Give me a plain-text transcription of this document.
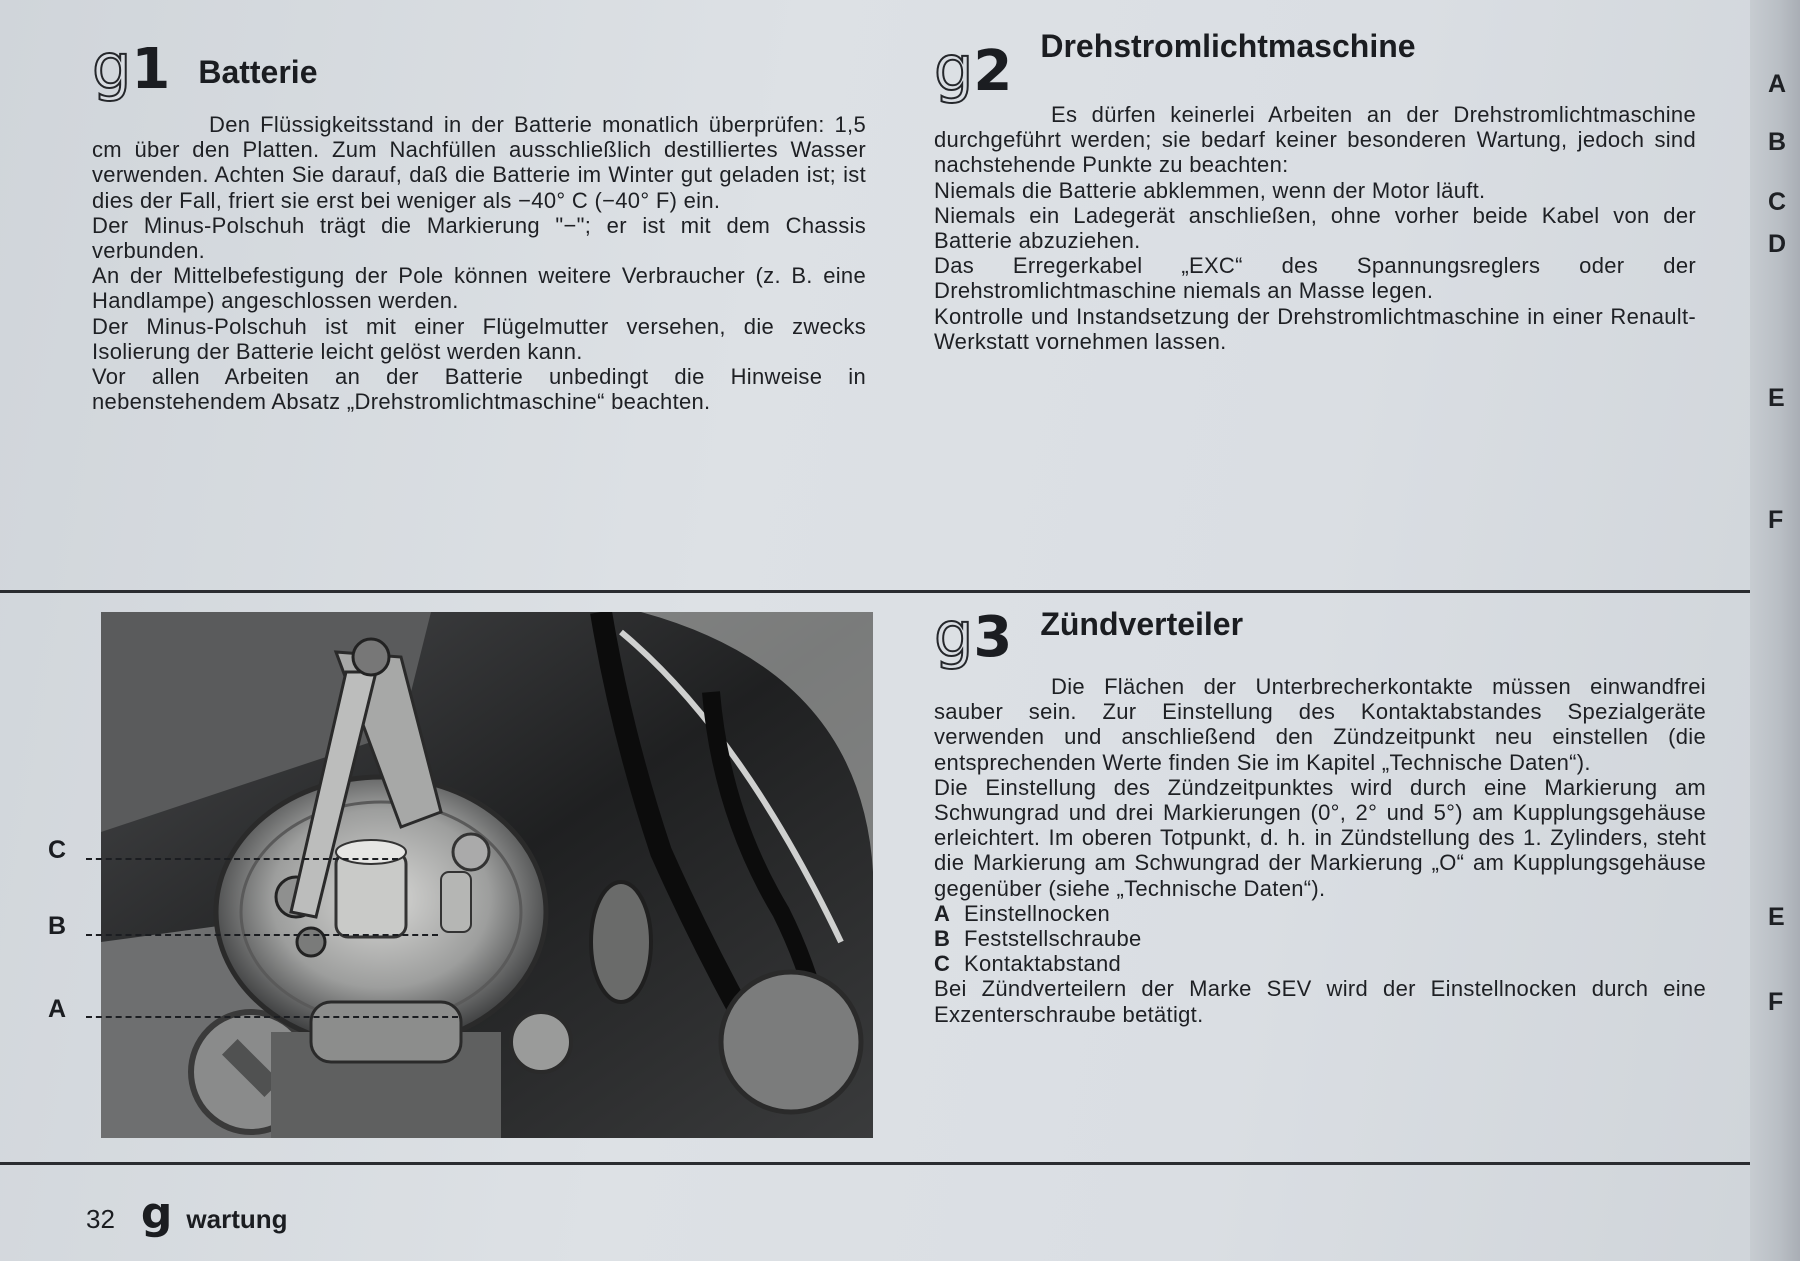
g 1 Batterie

Den Flüssigkeitsstand in der Batterie monatlich überprüfen: 1,5 cm über den Platten. Zum Nachfüllen ausschließlich destilliertes Wasser verwenden. Achten Sie darauf, daß die Batterie im Winter gut geladen ist; ist dies der Fall, friert sie erst bei weniger als −40° C (−40° F) ein.

Der Minus-Polschuh trägt die Markierung "−"; er ist mit dem Chassis verbunden.

An der Mittelbefestigung der Pole können weitere Verbraucher (z. B. eine Handlampe) angeschlossen werden.

Der Minus-Polschuh ist mit einer Flügelmutter versehen, die zwecks Isolierung der Batterie leicht gelöst werden kann.

Vor allen Arbeiten an der Batterie unbedingt die Hinweise in nebenstehendem Absatz „Drehstromlichtmaschine“ beachten.

g 2 Drehstromlichtmaschine

Es dürfen keinerlei Arbeiten an der Drehstromlichtmaschine durchgeführt werden; sie bedarf keiner besonderen Wartung, jedoch sind nachstehende Punkte zu beachten:

Niemals die Batterie abklemmen, wenn der Motor läuft.

Niemals ein Ladegerät anschließen, ohne vorher beide Kabel von der Batterie abzuziehen.

Das Erregerkabel „EXC“ des Spannungsreglers oder der Drehstromlichtmaschine niemals an Masse legen.

Kontrolle und Instandsetzung der Drehstromlichtmaschine in einer Renault-Werkstatt vornehmen lassen.

C
B
A
g 3 Zündverteiler

Die Flächen der Unterbrecherkontakte müssen einwandfrei sauber sein. Zur Einstellung des Kontaktabstandes Spezialgeräte verwenden und anschließend den Zündzeitpunkt neu einstellen (die entsprechenden Werte finden Sie im Kapitel „Technische Daten“).

Die Einstellung des Zündzeitpunktes wird durch eine Markierung am Schwungrad und drei Markierungen (0°, 2° und 5°) am Kupplungsgehäuse erleichtert. Im oberen Totpunkt, d. h. in Zündstellung des 1. Zylinders, steht die Markierung am Schwungrad der Markierung „O“ am Kupplungsgehäuse gegenüber (siehe „Technische Daten“).

A Einstellnocken
B Feststellschraube
C Kontaktabstand

Bei Zündverteilern der Marke SEV wird der Einstellnocken durch eine Exzenterschraube betätigt.

A
B
C
D
E
F
E
F
32 g wartung
